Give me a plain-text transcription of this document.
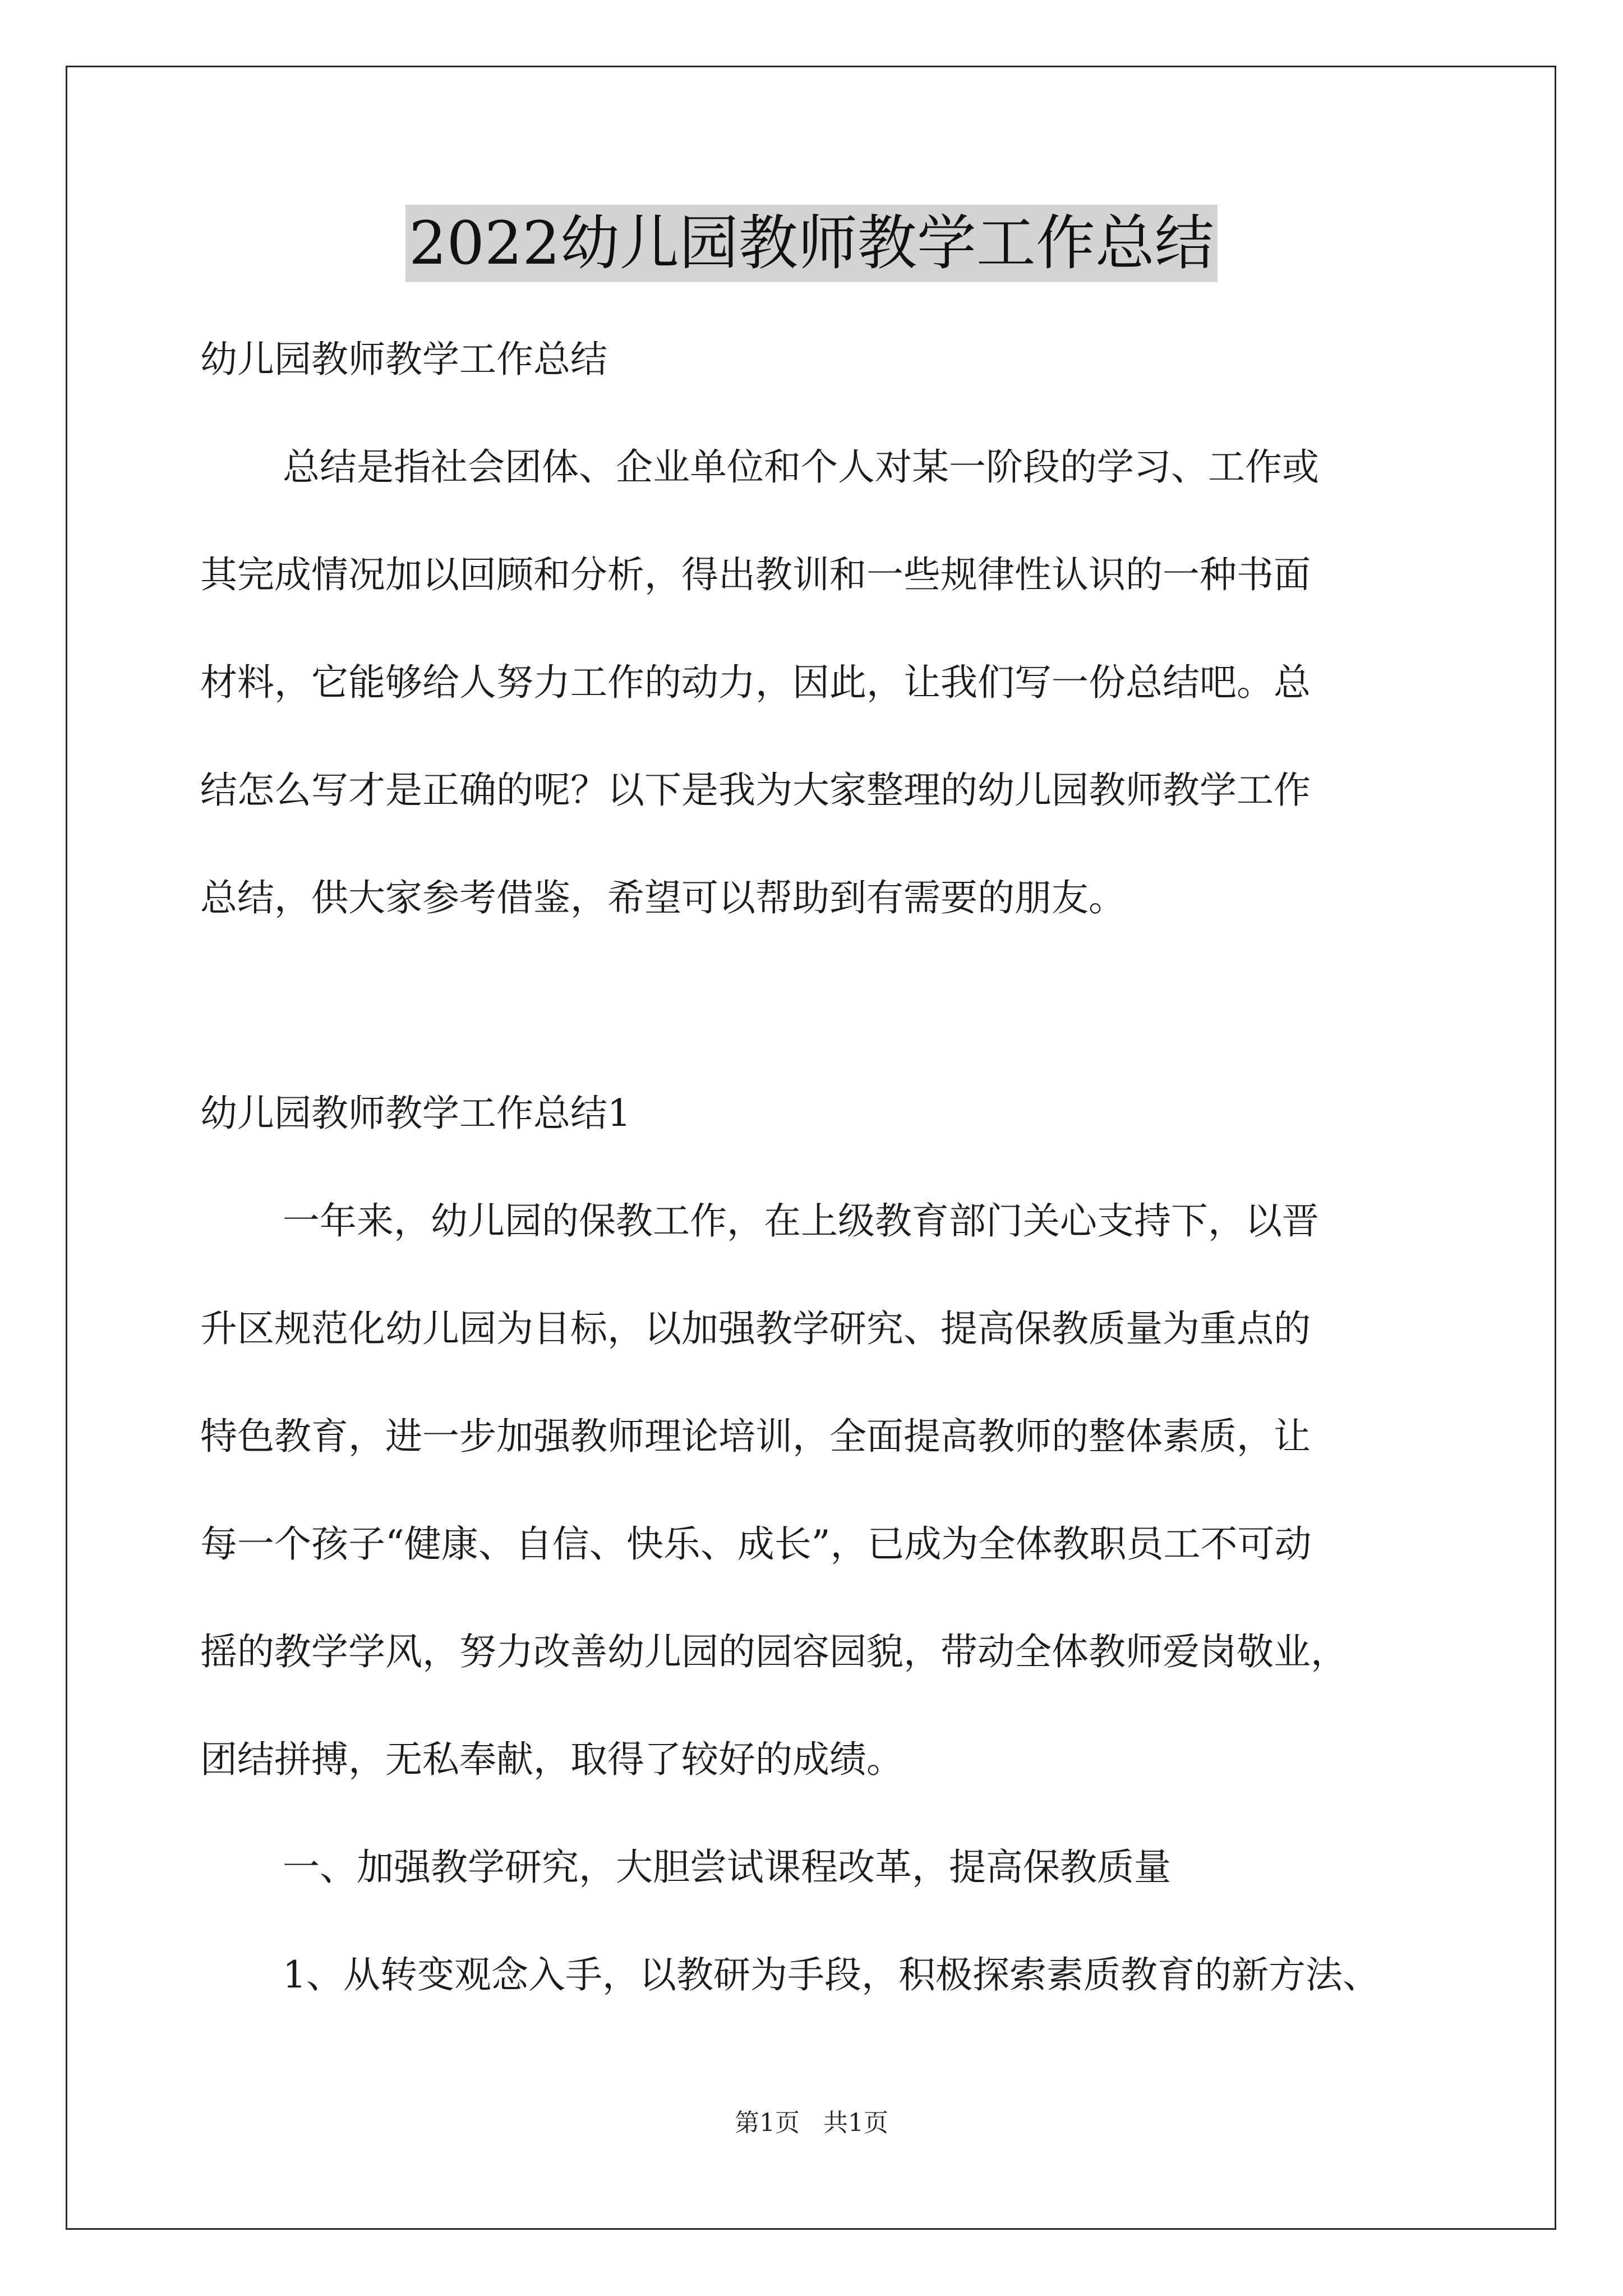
2022幼儿园教师教学工作总结

幼儿园教师教学工作总结

总结是指社会团体、企业单位和个人对某一阶段的学习、工作或

其完成情况加以回顾和分析，得出教训和一些规律性认识的一种书面

材料，它能够给人努力工作的动力，因此，让我们写一份总结吧。总

结怎么写才是正确的呢？以下是我为大家整理的幼儿园教师教学工作

总结，供大家参考借鉴，希望可以帮助到有需要的朋友。

幼儿园教师教学工作总结1

一年来，幼儿园的保教工作，在上级教育部门关心支持下，以晋

升区规范化幼儿园为目标，以加强教学研究、提高保教质量为重点的

特色教育，进一步加强教师理论培训，全面提高教师的整体素质，让

每一个孩子“健康、自信、快乐、成长”，已成为全体教职员工不可动

摇的教学学风，努力改善幼儿园的园容园貌，带动全体教师爱岗敬业，

团结拼搏，无私奉献，取得了较好的成绩。

一、加强教学研究，大胆尝试课程改革，提高保教质量

1、从转变观念入手，以教研为手段，积极探索素质教育的新方法、

第1页 共1页
